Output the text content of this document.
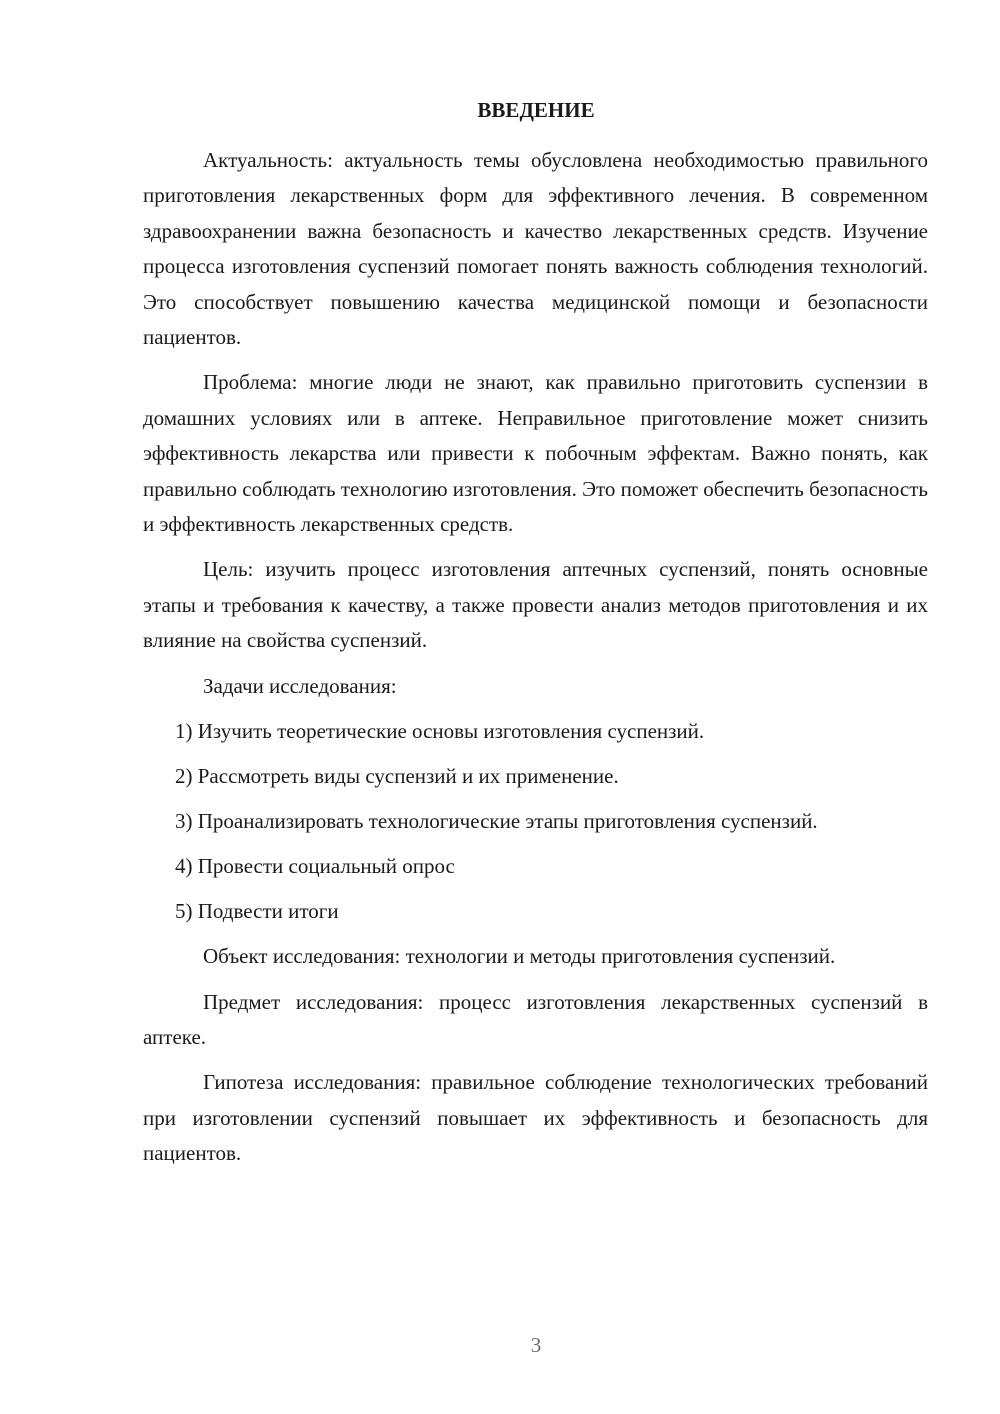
ВВЕДЕНИЕ

Актуальность: актуальность темы обусловлена необходимостью правильного приготовления лекарственных форм для эффективного лечения. В современном здравоохранении важна безопасность и качество лекарственных средств. Изучение процесса изготовления суспензий помогает понять важность соблюдения технологий. Это способствует повышению качества медицинской помощи и безопасности пациентов.

Проблема: многие люди не знают, как правильно приготовить суспензии в домашних условиях или в аптеке. Неправильное приготовление может снизить эффективность лекарства или привести к побочным эффектам. Важно понять, как правильно соблюдать технологию изготовления. Это поможет обеспечить безопасность и эффективность лекарственных средств.

Цель: изучить процесс изготовления аптечных суспензий, понять основные этапы и требования к качеству, а также провести анализ методов приготовления и их влияние на свойства суспензий.

Задачи исследования:

1) Изучить теоретические основы изготовления суспензий.

2) Рассмотреть виды суспензий и их применение.

3) Проанализировать технологические этапы приготовления суспензий.

4) Провести социальный опрос

5) Подвести итоги

Объект исследования: технологии и методы приготовления суспензий.

Предмет исследования: процесс изготовления лекарственных суспензий в аптеке.

Гипотеза исследования: правильное соблюдение технологических требований при изготовлении суспензий повышает их эффективность и безопасность для пациентов.

3
